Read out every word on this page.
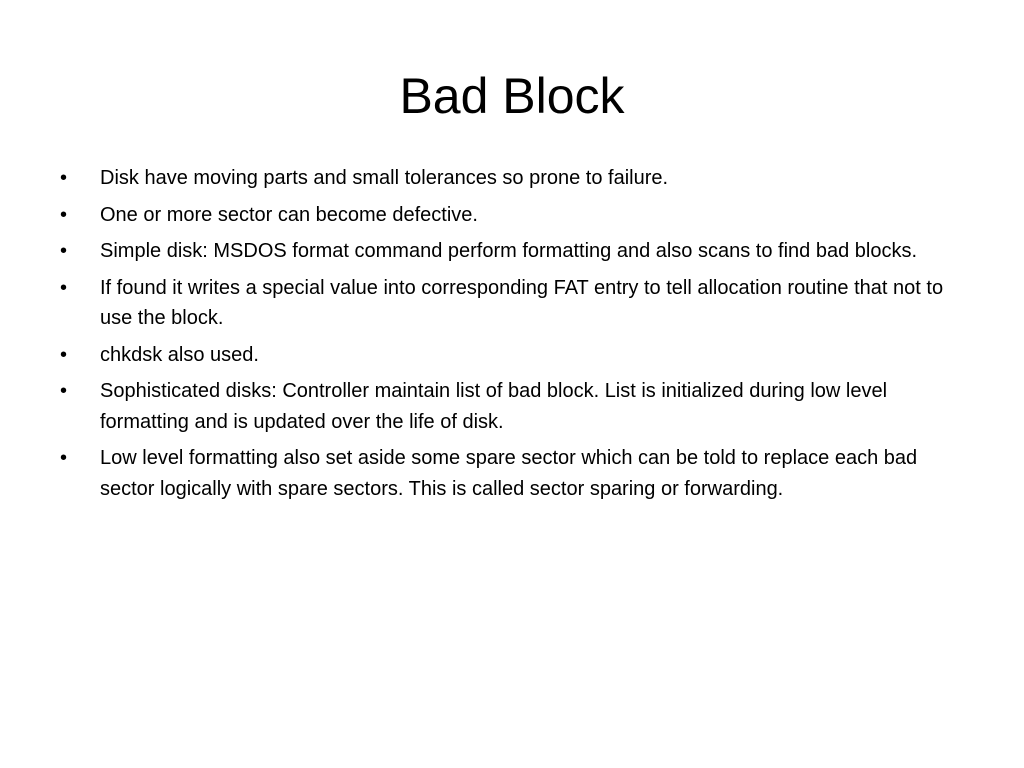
Bad Block
• Disk have moving parts and small tolerances so prone to failure.
• One or more sector can become defective.
• Simple disk: MSDOS format command perform formatting and also scans to find bad blocks.
• If found it writes a special value into corresponding FAT entry to tell allocation routine that not to use the block.
• chkdsk also used.
• Sophisticated disks: Controller maintain list of bad block. List is initialized during low level formatting and is updated over the life of disk.
• Low level formatting also set aside some spare sector which can be told to replace each bad sector logically with spare sectors. This is called sector sparing or forwarding.
